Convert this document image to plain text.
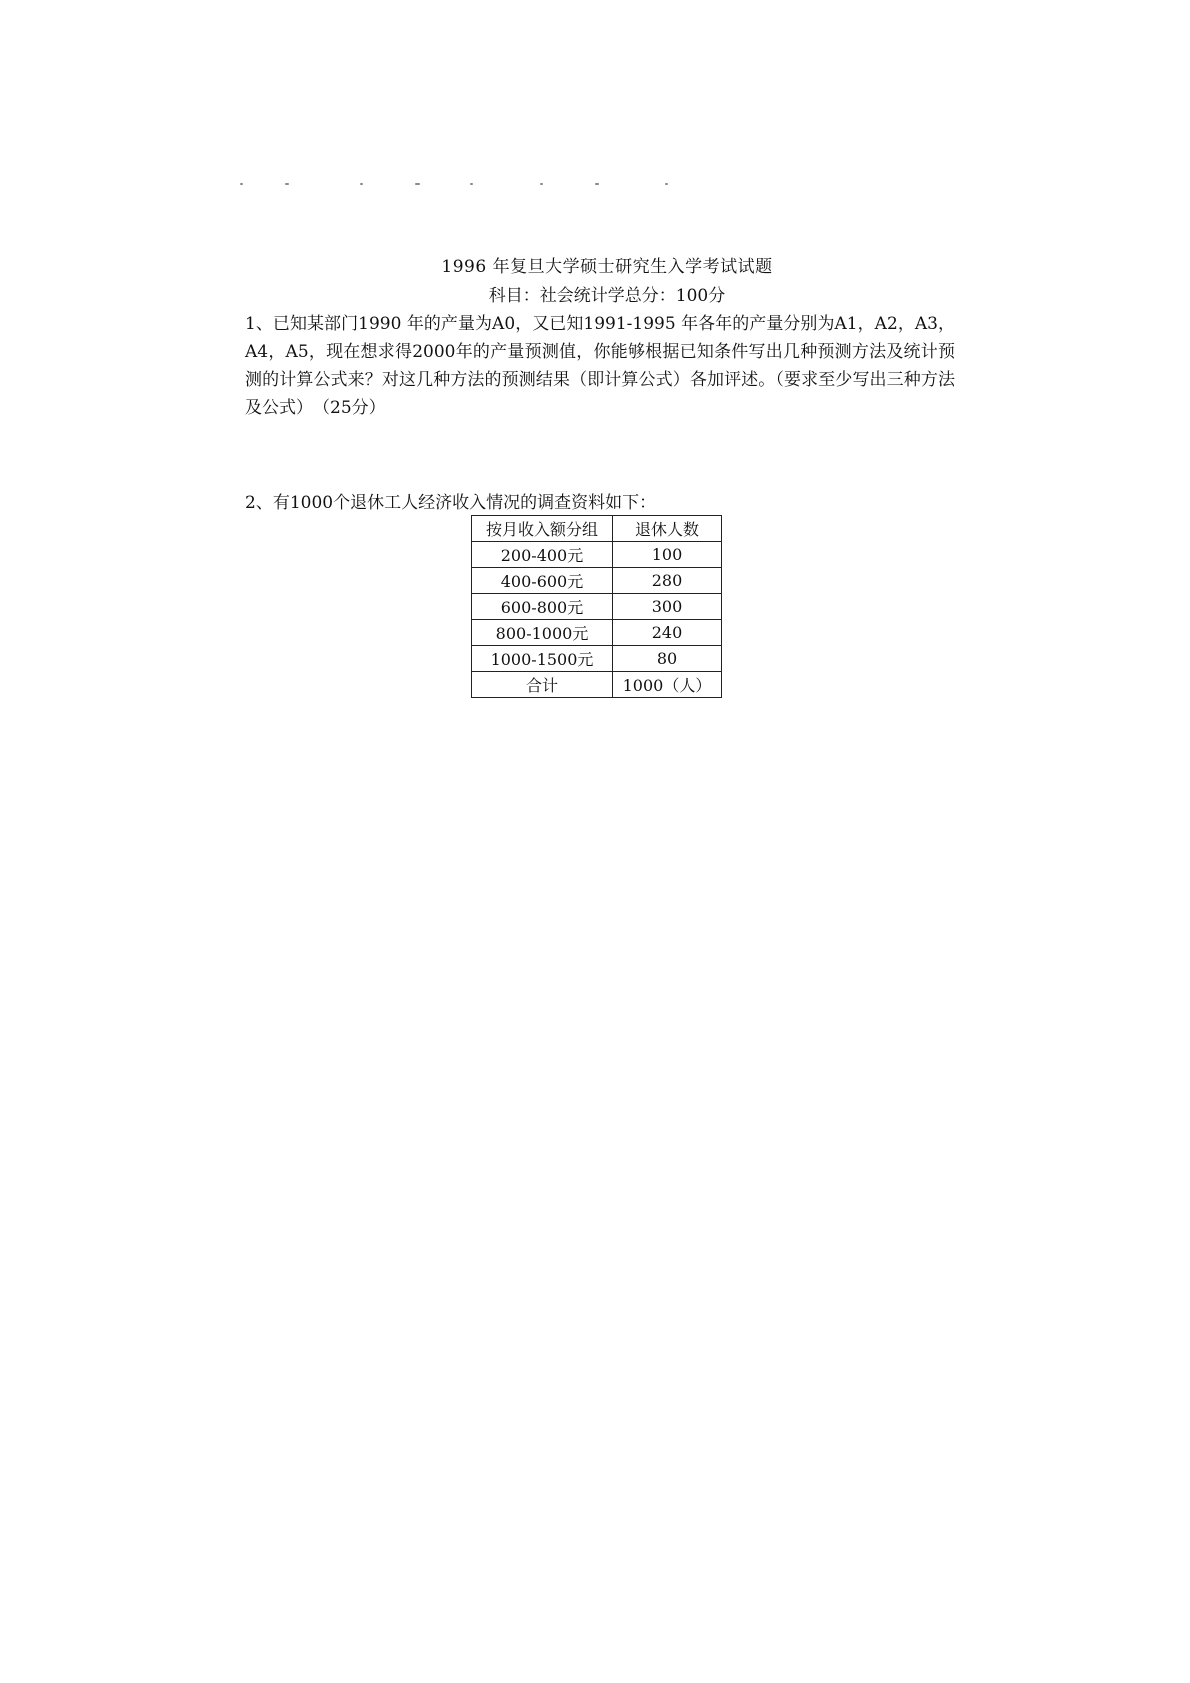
1996 年复旦大学硕士研究生入学考试试题
科目：社会统计学总分：100分
1、已知某部门1990 年的产量为A0，又已知1991-1995 年各年的产量分别为A1，A2，A3，A4，A5，现在想求得2000年的产量预测值，你能够根据已知条件写出几种预测方法及统计预测的计算公式来？对这几种方法的预测结果（即计算公式）各加评述。（要求至少写出三种方法及公式）　（25分）
2、有1000个退休工人经济收入情况的调查资料如下：
按月收入额分组	退休人数
200-400元	100
400-600元	280
600-800元	300
800-1000元	240
1000-1500元	80
合计	1000（人）
